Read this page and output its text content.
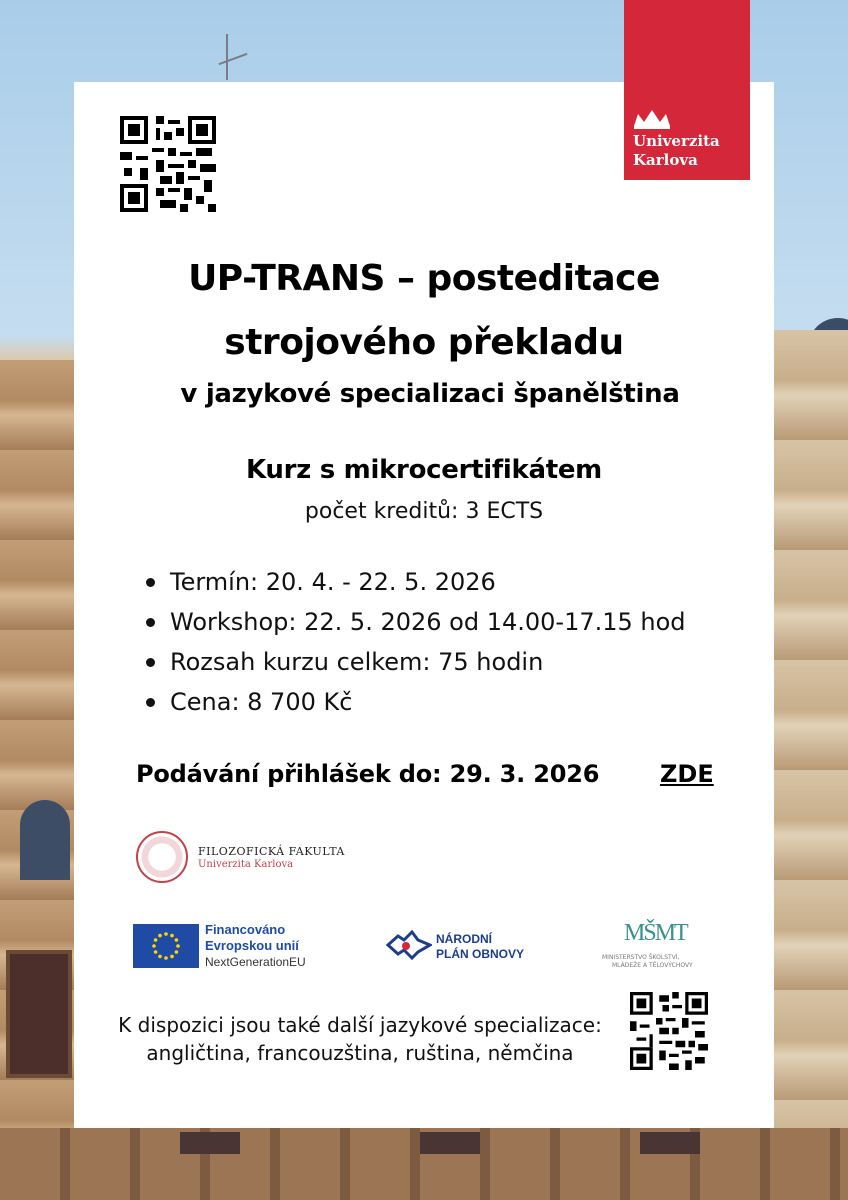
Univerzita
Karlova
UP-TRANS – posteditace
strojového překladu
v jazykové specializaci španělština
Kurz s mikrocertifikátem
počet kreditů: 3 ECTS
Termín: 20. 4. - 22. 5. 2026
Workshop: 22. 5. 2026 od 14.00-17.15 hod
Rozsah kurzu celkem: 75 hodin
Cena: 8 700 Kč
Podávání přihlášek do: 29. 3. 2026	ZDE
FILOZOFICKÁ FAKULTA
Univerzita Karlova
Financováno
Evropskou unií
NextGenerationEU
NÁRODNÍ
PLÁN OBNOVY
MŠMT
MINISTERSTVO ŠKOLSTVÍ,
MLÁDEŽE A TĚLOVÝCHOVY
K dispozici jsou také další jazykové specializace:
angličtina, francouzština, ruština, němčina
